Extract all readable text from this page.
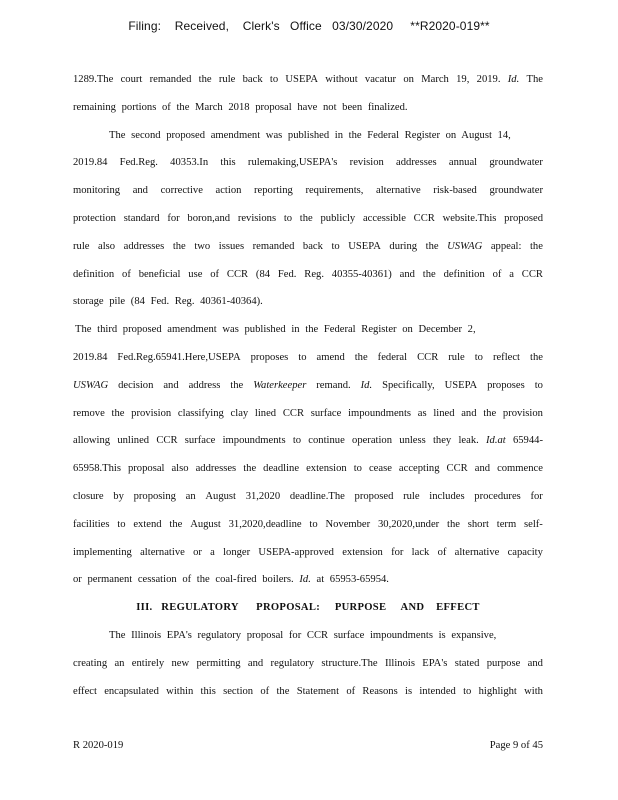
Filing:    Received,    Clerk's   Office   03/30/2020     **R2020-019**
1289.The court remanded the rule back to USEPA without vacatur on March 19, 2019. Id. The
remaining portions of the March 2018 proposal have not been finalized.
The second proposed amendment was published in the Federal Register on August 14,
2019.84 Fed.Reg. 40353.In this rulemaking,USEPA's revision addresses annual groundwater
monitoring and corrective action reporting requirements, alternative risk-based groundwater
protection standard for boron,and revisions to the publicly accessible CCR website.This proposed
rule also addresses the two issues remanded back to USEPA during the USWAG appeal: the
definition of beneficial use of CCR (84 Fed. Reg. 40355-40361) and the definition of a CCR
storage pile (84 Fed. Reg. 40361-40364).
The third proposed amendment was published in the Federal Register on December 2,
2019.84 Fed.Reg.65941.Here,USEPA proposes to amend the federal CCR rule to reflect the
USWAG decision and address the Waterkeeper remand. Id. Specifically, USEPA proposes to
remove the provision classifying clay lined CCR surface impoundments as lined and the provision
allowing unlined CCR surface impoundments to continue operation unless they leak. Id.at 65944-
65958.This proposal also addresses the deadline extension to cease accepting CCR and commence
closure by proposing an August 31,2020 deadline.The proposed rule includes procedures for
facilities to extend the August 31,2020,deadline to November 30,2020,under the short term self-
implementing alternative or a longer USEPA-approved extension for lack of alternative capacity
or permanent cessation of the coal-fired boilers. Id. at 65953-65954.
III.   REGULATORY      PROPOSAL:     PURPOSE     AND    EFFECT
The Illinois EPA's regulatory proposal for CCR surface impoundments is expansive,
creating an entirely new permitting and regulatory structure.The Illinois EPA's stated purpose and
effect encapsulated within this section of the Statement of Reasons is intended to highlight with
R 2020-019	Page 9 of 45
